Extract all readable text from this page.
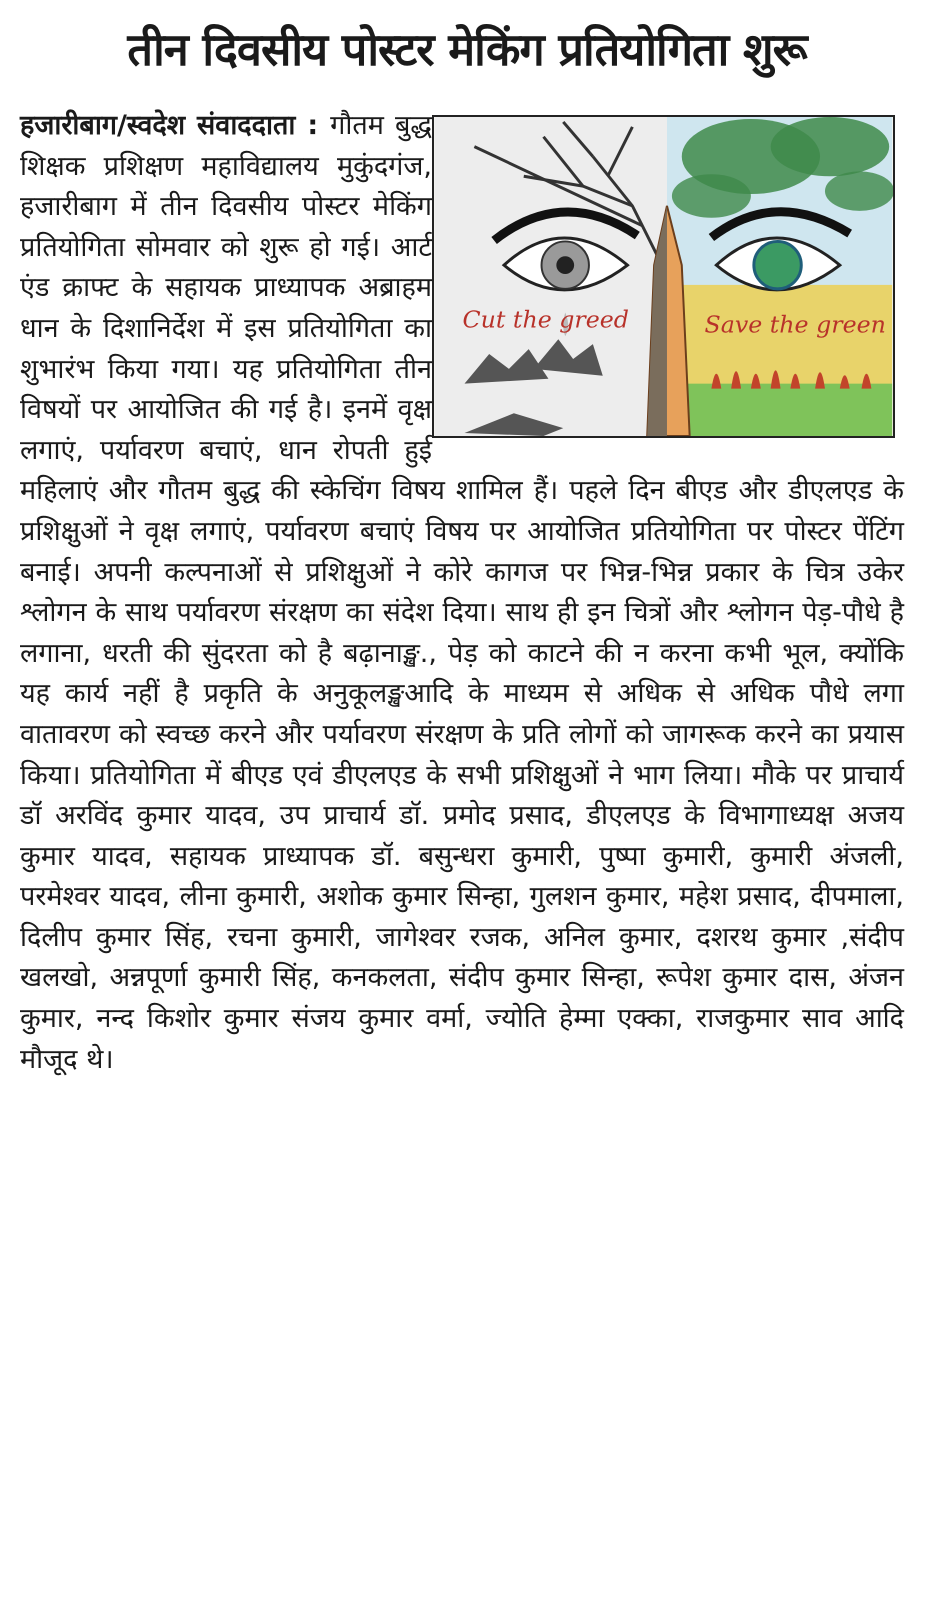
तीन दिवसीय पोस्टर मेकिंग प्रतियोगिता शुरू
Cut the greed	Save the green

हजारीबाग/स्वदेश संवाददाता : गौतम बुद्ध शिक्षक प्रशिक्षण महाविद्यालय मुकुंदगंज, हजारीबाग में तीन दिवसीय पोस्टर मेकिंग प्रतियोगिता सोमवार को शुरू हो गई। आर्ट एंड क्राफ्ट के सहायक प्राध्यापक अब्राहम धान के दिशानिर्देश में इस प्रतियोगिता का शुभारंभ किया गया। यह प्रतियोगिता तीन विषयों पर आयोजित की गई है। इनमें वृक्ष लगाएं, पर्यावरण बचाएं, धान रोपती हुई महिलाएं और गौतम बुद्ध की स्केचिंग विषय शामिल हैं। पहले दिन बीएड और डीएलएड के प्रशिक्षुओं ने वृक्ष लगाएं, पर्यावरण बचाएं विषय पर आयोजित प्रतियोगिता पर पोस्टर पेंटिंग बनाई। अपनी कल्पनाओं से प्रशिक्षुओं ने कोरे कागज पर भिन्न-भिन्न प्रकार के चित्र उकेर श्लोगन के साथ पर्यावरण संरक्षण का संदेश दिया। साथ ही इन चित्रों और श्लोगन पेड़-पौधे है लगाना, धरती की सुंदरता को है बढ़ानाङ्ख., पेड़ को काटने की न करना कभी भूल, क्योंकि यह कार्य नहीं है प्रकृति के अनुकूलङ्खआदि के माध्यम से अधिक से अधिक पौधे लगा वातावरण को स्वच्छ करने और पर्यावरण संरक्षण के प्रति लोगों को जागरूक करने का प्रयास किया। प्रतियोगिता में बीएड एवं डीएलएड के सभी प्रशिक्षुओं ने भाग लिया। मौके पर प्राचार्य डॉ अरविंद कुमार यादव, उप प्राचार्य डॉ. प्रमोद प्रसाद, डीएलएड के विभागाध्यक्ष अजय कुमार यादव, सहायक प्राध्यापक डॉ. बसुन्धरा कुमारी, पुष्पा कुमारी, कुमारी अंजली, परमेश्वर यादव, लीना कुमारी, अशोक कुमार सिन्हा, गुलशन कुमार, महेश प्रसाद, दीपमाला, दिलीप कुमार सिंह, रचना कुमारी, जागेश्वर रजक, अनिल कुमार, दशरथ कुमार ,संदीप खलखो, अन्नपूर्णा कुमारी सिंह, कनकलता, संदीप कुमार सिन्हा, रूपेश कुमार दास, अंजन कुमार, नन्द किशोर कुमार संजय कुमार वर्मा, ज्योति हेम्मा एक्का, राजकुमार साव आदि मौजूद थे।
